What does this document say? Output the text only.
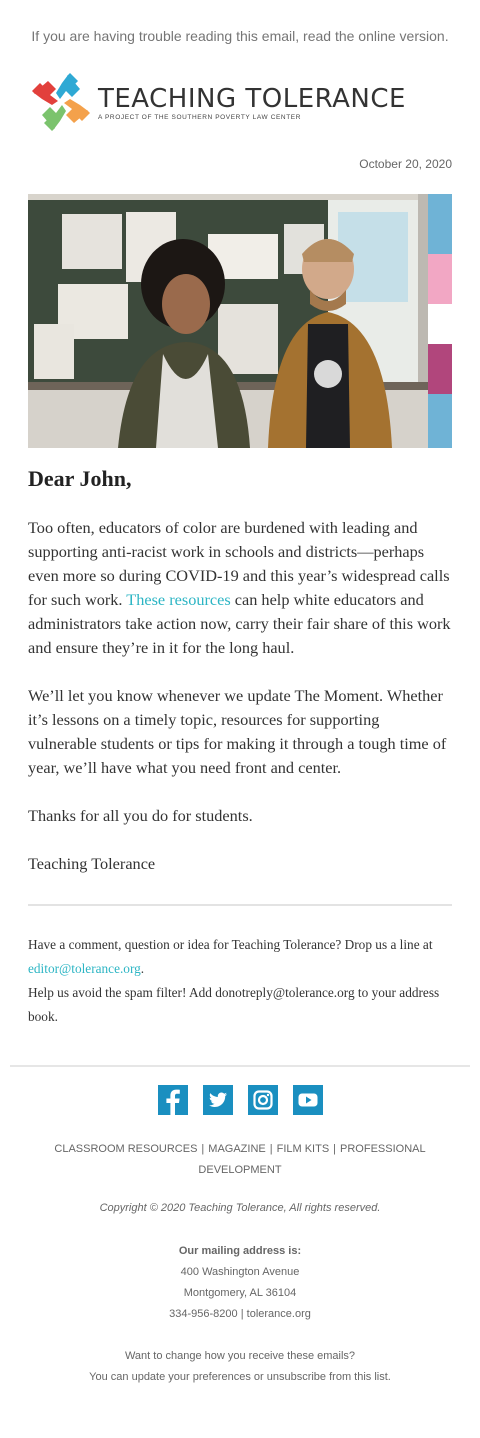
If you are having trouble reading this email, read the online version.
TEACHING TOLERANCE
A PROJECT OF THE SOUTHERN POVERTY LAW CENTER
October 20, 2020
Dear John,

Too often, educators of color are burdened with leading and supporting anti-racist work in schools and districts—perhaps even more so during COVID-19 and this year’s widespread calls for such work. These resources can help white educators and administrators take action now, carry their fair share of this work and ensure they’re in it for the long haul.

We’ll let you know whenever we update The Moment. Whether it’s lessons on a timely topic, resources for supporting vulnerable students or tips for making it through a tough time of year, we’ll have what you need front and center.

Thanks for all you do for students.

Teaching Tolerance

Have a comment, question or idea for Teaching Tolerance? Drop us a line at editor@tolerance.org.

Help us avoid the spam filter! Add donotreply@tolerance.org to your address book.

CLASSROOM RESOURCES | MAGAZINE | FILM KITS | PROFESSIONAL DEVELOPMENT
Copyright © 2020 Teaching Tolerance, All rights reserved.
Our mailing address is:
400 Washington Avenue
Montgomery, AL 36104
334-956-8200 | tolerance.org
Want to change how you receive these emails?
You can update your preferences or unsubscribe from this list.
